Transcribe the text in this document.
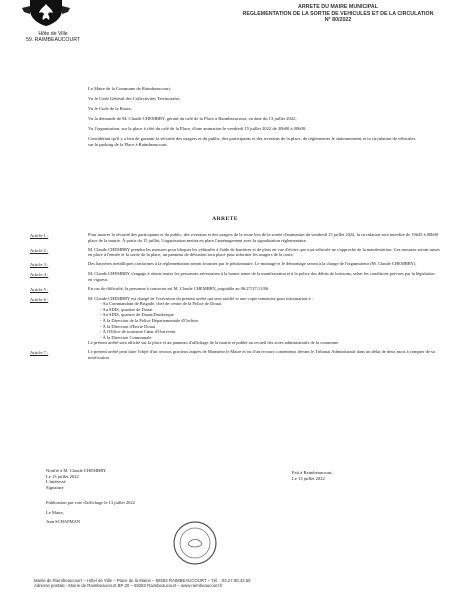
Hôte de Ville
59. RAIMBEAUCOURT
ARRETE DU MAIRE MUNICIPAL
REGLEMENTATION DE LA SORTIE DE VEHICULES ET DE LA CIRCULATION
N° 80/2022

Le Maire de la Commune de Raimbeaucourt,

Vu le Code Général des Collectivités Territoriales,

Vu le Code de la Route,

Vu la demande de M. Claude CHEMBRY, gérant du café de la Place à Raimbeaucourt, en date du 13 juillet 2022,

Vu l'organisation, sur la place à côté du café de la Place, d'une animation le vendredi 15 juillet 2022 de 20h00 à 00h00,

Considérant qu'il y a lieu de garantir la sécurité des usagers et du public, des participants et des riverains de la place, de réglementer le stationnement et la circulation de véhicules sur le parking de la Place à Raimbeaucourt.

ARRETE
Article 1 :	Pour assurer la sécurité des participants et du public, des riverains et des usagers de la route lors de la soirée d'animation du vendredi 15 juillet 2022, la circulation sera interdite de 19h45 à 00h00 place de la mairie. À partir du 15 juillet, l'organisation mettra en place l'aménagement avec la signalisation réglementaire.

Article 2 :	M. Claude CHEMBRY prendra les mesures pour bloquer les véhicules à l'aide de barrières et de plots en vue d'éviter que tout véhicule ne s'approche de la manifestation. Ces mesures seront mises en place à l'entrée et la sortie de la place, un panneau de déviation sera placé pour informer les usagers de la route.

Article 3 :	Des barrières métalliques conformes à la réglementation seront fournies par le pétitionnaire. Le montage et le démontage seront à la charge de l'organisateur (M. Claude CHEMBRY).

Article 4 :	M. Claude CHEMBRY s'engage à réunir toutes les personnes nécessaires à la bonne tenue de la manifestation et à la police des débits de boissons, selon les conditions prévues par la législation en vigueur.

Article 5 :	En cas de difficulté, la personne à contacter est M. Claude CHEMBRY, joignable au 06/27/27/11/86.

Article 6 :	M. Claude CHEMBRY est chargé de l'exécution du présent arrêté qui sera notifié et une copie transmise pour information à :

- Au Commandant de Brigade, chef de centre de la Police de Douai

- Au SDIS, quartier de Douai

- Au SDIS, quartier de Douai/Dunkerque

- À la Direction de la Police Départementale d'Orchies

- À la Direction d'Envie Douai

- À l'Office de tourisme Cœur d'Ostrevent

- À la Direction Communale

Le présent arrêté sera affiché sur la place et au panneau d'affichage de la mairie et publié au recueil des actes administratifs de la commune.

Article 7 :	Le présent arrêté peut faire l'objet d'un recours gracieux auprès de Monsieur le Maire et/ou d'un recours contentieux devant le Tribunal Administratif dans un délai de deux mois à compter de sa notification.

Notifié à M. Claude CHEMBRY
Le 13 juillet 2022
L'intéressé
Signature
Fait à Raimbeaucourt,
Le 13 juillet 2022

Publication par voie d'affichage le 13 juillet 2022

Le Maire,

Jean SCHAPMAN

Mairie de Raimbeaucourt – Hôtel de Ville – Place de la Mairie – 59283 RAIMBEAUCOURT – Tél. : 03.27.80.42.50
Adresse postale : Mairie de Raimbeaucourt BP 20 – 59283 Raimbeaucourt – www.raimbeaucourt.fr
